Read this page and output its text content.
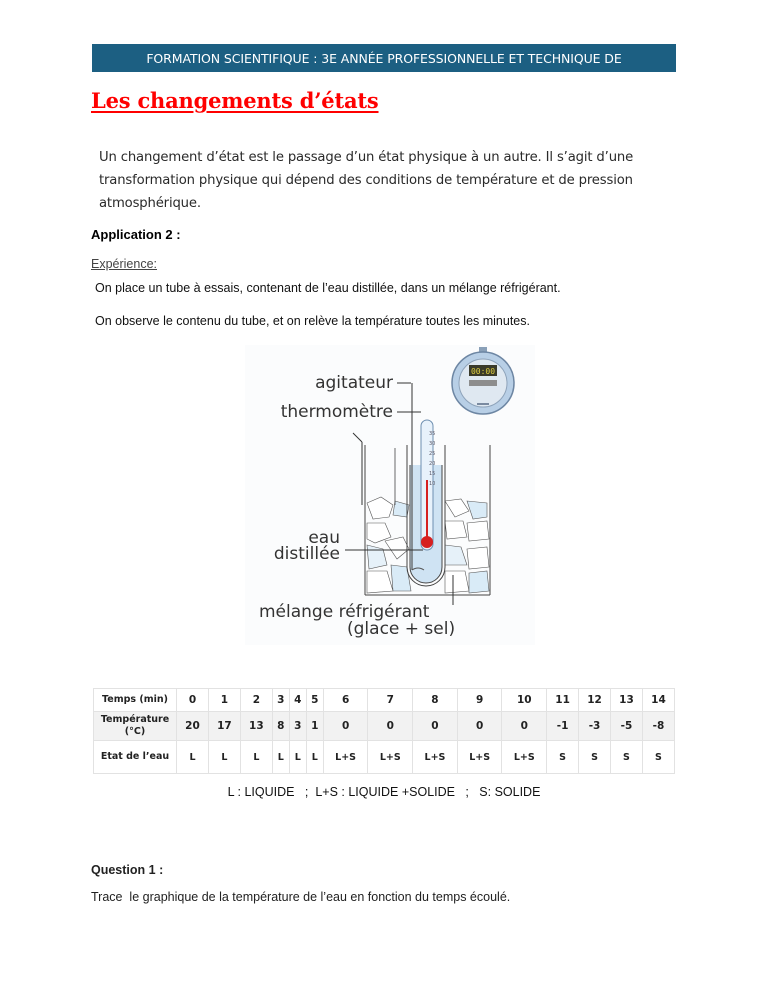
FORMATION SCIENTIFIQUE : 3E ANNÉE PROFESSIONNELLE ET TECHNIQUE DE
Les changements d’états
Un changement d’état est le passage d’un état physique à un autre. Il s’agit d’une transformation physique qui dépend des conditions de température et de pression atmosphérique.
Application 2 :
Expérience:
On place un tube à essais, contenant de l’eau distillée, dans un mélange réfrigérant.
On observe le contenu du tube, et on relève la température toutes les minutes.
00:00
35
30
25
20
15
10
agitateur
thermomètre
eau
distillée
mélange réfrigérant
(glace + sel)
Temps (min)	0	1	2	3	4	5	6	7	8	9	10	11	12	13	14
Température (°C)	20	17	13	8	3	1	0	0	0	0	0	-1	-3	-5	-8
Etat de l’eau	L	L	L	L	L	L	L+S	L+S	L+S	L+S	L+S	S	S	S	S
L : LIQUIDE   ;  L+S : LIQUIDE +SOLIDE   ;   S: SOLIDE
Question 1 :
Trace  le graphique de la température de l’eau en fonction du temps écoulé.
